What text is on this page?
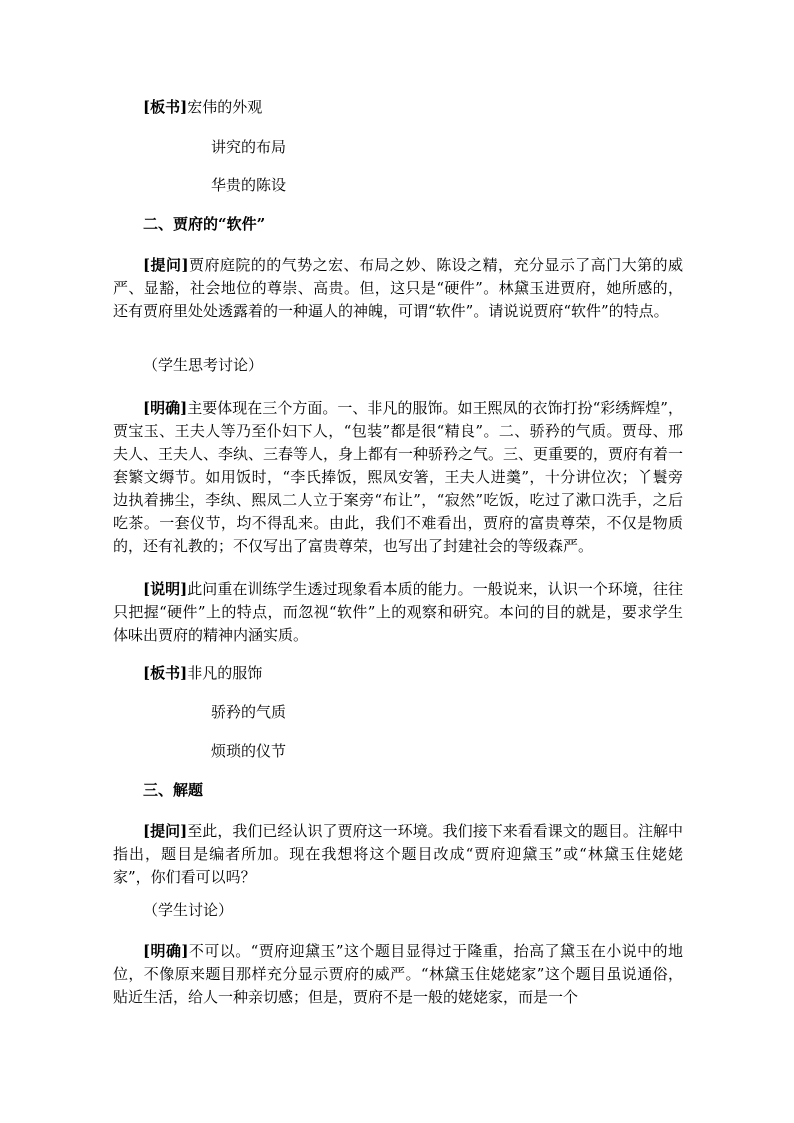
[板书]宏伟的外观
讲究的布局
华贵的陈设
二、贾府的“软件”
[提问]贾府庭院的的气势之宏、布局之妙、陈设之精，充分显示了高门大第的威严、显豁，社会地位的尊崇、高贵。但，这只是“硬件”。林黛玉进贾府，她所感的，还有贾府里处处透露着的一种逼人的神魄，可谓“软件”。请说说贾府“软件”的特点。
（学生思考讨论）
[明确]主要体现在三个方面。一、非凡的服饰。如王熙凤的衣饰打扮“彩绣辉煌”，贾宝玉、王夫人等乃至仆妇下人，“包装”都是很“精良”。二、骄矜的气质。贾母、邢夫人、王夫人、李纨、三春等人，身上都有一种骄矜之气。三、更重要的，贾府有着一套繁文缛节。如用饭时，“李氏捧饭，熙凤安箸，王夫人进羹”，十分讲位次；丫鬟旁边执着拂尘，李纨、熙凤二人立于案旁“布让”，“寂然”吃饭，吃过了漱口洗手，之后吃茶。一套仪节，均不得乱来。由此，我们不难看出，贾府的富贵尊荣，不仅是物质的，还有礼教的；不仅写出了富贵尊荣，也写出了封建社会的等级森严。
[说明]此问重在训练学生透过现象看本质的能力。一般说来，认识一个环境，往往只把握“硬件”上的特点，而忽视“软件”上的观察和研究。本问的目的就是，要求学生体味出贾府的精神内涵实质。
[板书]非凡的服饰
骄矜的气质
烦琐的仪节
三、解题
[提问]至此，我们已经认识了贾府这一环境。我们接下来看看课文的题目。注解中指出，题目是编者所加。现在我想将这个题目改成“贾府迎黛玉”或“林黛玉住姥姥家”，你们看可以吗？
（学生讨论）
[明确]不可以。“贾府迎黛玉”这个题目显得过于隆重，抬高了黛玉在小说中的地位，不像原来题目那样充分显示贾府的威严。“林黛玉住姥姥家”这个题目虽说通俗，贴近生活，给人一种亲切感；但是，贾府不是一般的姥姥家，而是一个
